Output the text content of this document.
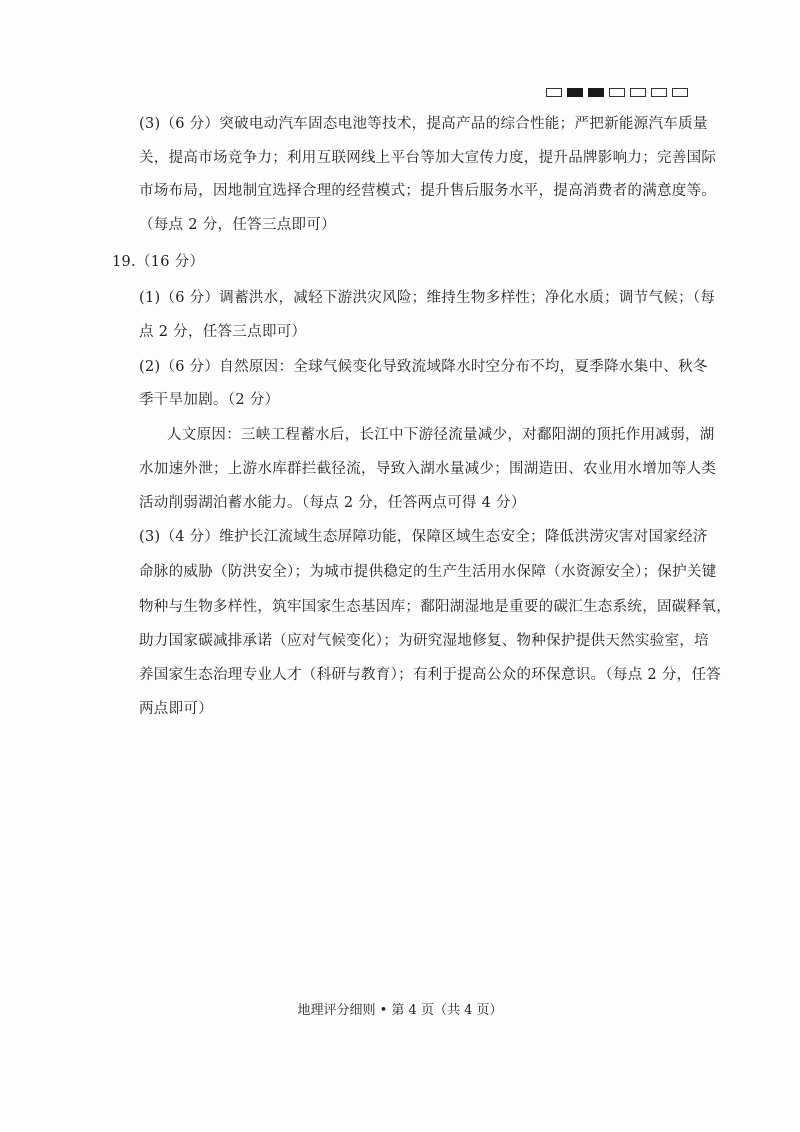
(3)（6 分）突破电动汽车固态电池等技术，提高产品的综合性能；严把新能源汽车质量
关，提高市场竞争力；利用互联网线上平台等加大宣传力度，提升品牌影响力；完善国际
市场布局，因地制宜选择合理的经营模式；提升售后服务水平，提高消费者的满意度等。
（每点 2 分，任答三点即可）
19.（16 分）
(1)（6 分）调蓄洪水，减轻下游洪灾风险；维持生物多样性；净化水质；调节气候；（每
点 2 分，任答三点即可）
(2)（6 分）自然原因：全球气候变化导致流域降水时空分布不均，夏季降水集中、秋冬
季干旱加剧。（2 分）
人文原因：三峡工程蓄水后，长江中下游径流量减少，对鄱阳湖的顶托作用减弱，湖
水加速外泄；上游水库群拦截径流，导致入湖水量减少；围湖造田、农业用水增加等人类
活动削弱湖泊蓄水能力。（每点 2 分，任答两点可得 4 分）
(3)（4 分）维护长江流域生态屏障功能，保障区域生态安全；降低洪涝灾害对国家经济
命脉的威胁（防洪安全）；为城市提供稳定的生产生活用水保障（水资源安全）；保护关键
物种与生物多样性，筑牢国家生态基因库；鄱阳湖湿地是重要的碳汇生态系统，固碳释氧，
助力国家碳减排承诺（应对气候变化）；为研究湿地修复、物种保护提供天然实验室，培
养国家生态治理专业人才（科研与教育）；有利于提高公众的环保意识。（每点 2 分，任答
两点即可）
地理评分细则 • 第 4 页（共 4 页）
